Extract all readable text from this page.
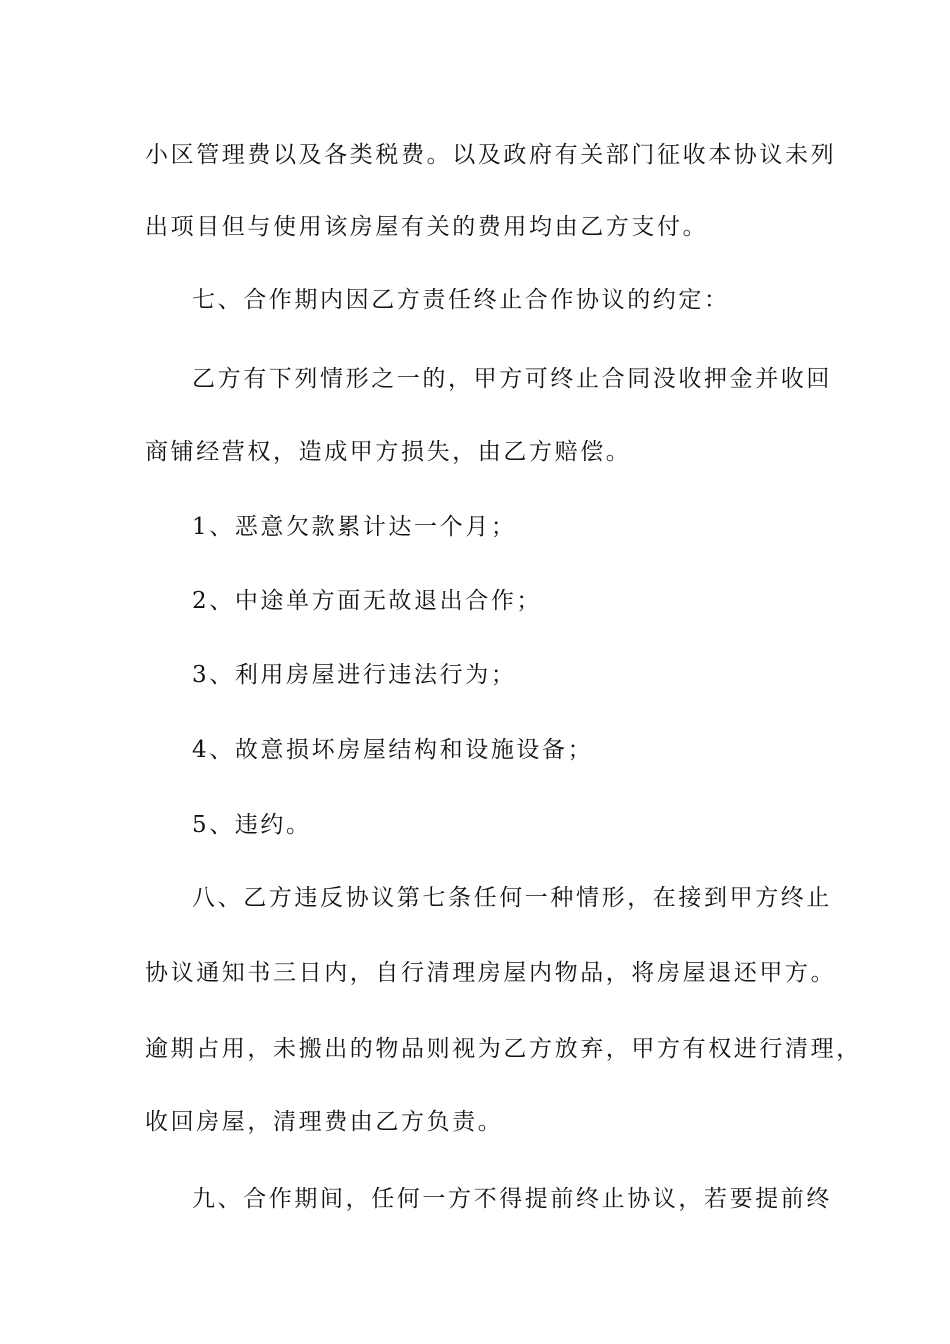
小区管理费以及各类税费。以及政府有关部门征收本协议未列
出项目但与使用该房屋有关的费用均由乙方支付。
七、合作期内因乙方责任终止合作协议的约定：
乙方有下列情形之一的，甲方可终止合同没收押金并收回
商铺经营权，造成甲方损失，由乙方赔偿。
1、恶意欠款累计达一个月；
2、中途单方面无故退出合作；
3、利用房屋进行违法行为；
4、故意损坏房屋结构和设施设备；
5、违约。
八、乙方违反协议第七条任何一种情形，在接到甲方终止
协议通知书三日内，自行清理房屋内物品，将房屋退还甲方。
逾期占用，未搬出的物品则视为乙方放弃，甲方有权进行清理，
收回房屋，清理费由乙方负责。
九、合作期间，任何一方不得提前终止协议，若要提前终
